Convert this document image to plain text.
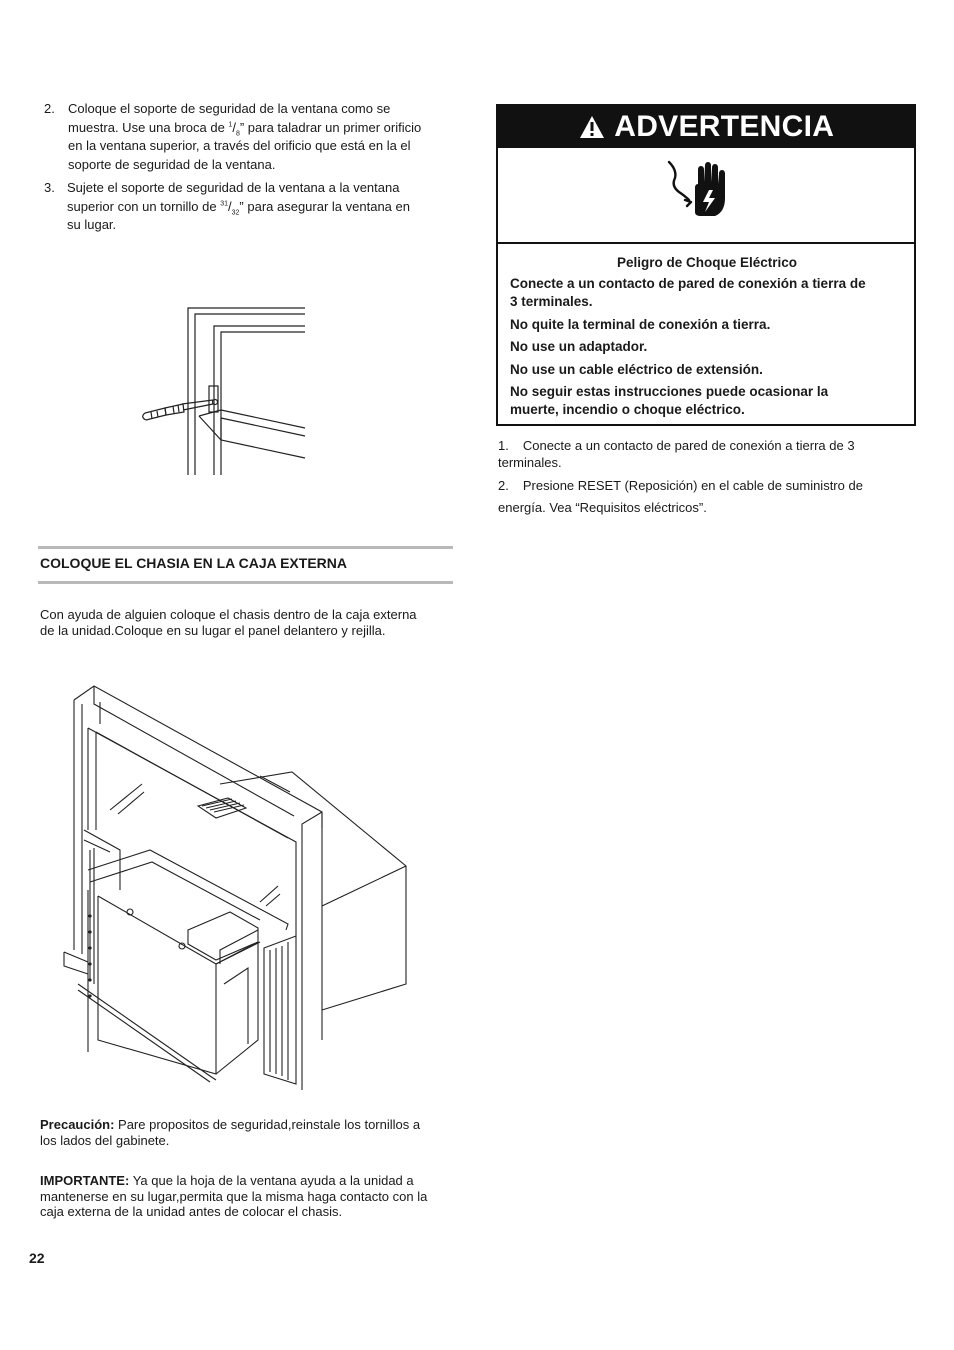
2. Coloque el soporte de seguridad de la ventana como se
muestra. Use una broca de $^1/_8$” para taladrar un primer orificio
en la ventana superior, a través del orificio que está en la el
soporte de seguridad de la ventana.
3. Sujete el soporte de seguridad de la ventana a la ventana
superior con un tornillo de $^{31}/_{32}$” para asegurar la ventana en
su lugar.
COLOQUE EL CHASIA EN LA CAJA EXTERNA
Con ayuda de alguien coloque el chasis dentro de la caja externa
de la unidad.Coloque en su lugar el panel delantero y rejilla.
Precaución: Pare propositos de seguridad,reinstale los tornillos a
los lados del gabinete.
IMPORTANTE: Ya que la hoja de la ventana ayuda a la unidad a
mantenerse en su lugar,permita que la misma haga contacto con la
caja externa de la unidad antes de colocar el chasis.
22
ADVERTENCIA

Peligro de Choque Eléctrico

Conecte a un contacto de pared de conexión a tierra de
3 terminales.

No quite la terminal de conexión a tierra.

No use un adaptador.

No use un cable eléctrico de extensión.

No seguir estas instrucciones puede ocasionar la
muerte, incendio o choque eléctrico.

1. Conecte a un contacto de pared de conexión a tierra de 3
terminales.
2. Presione RESET (Reposición) en el cable de suministro de
energía. Vea “Requisitos eléctricos”.
